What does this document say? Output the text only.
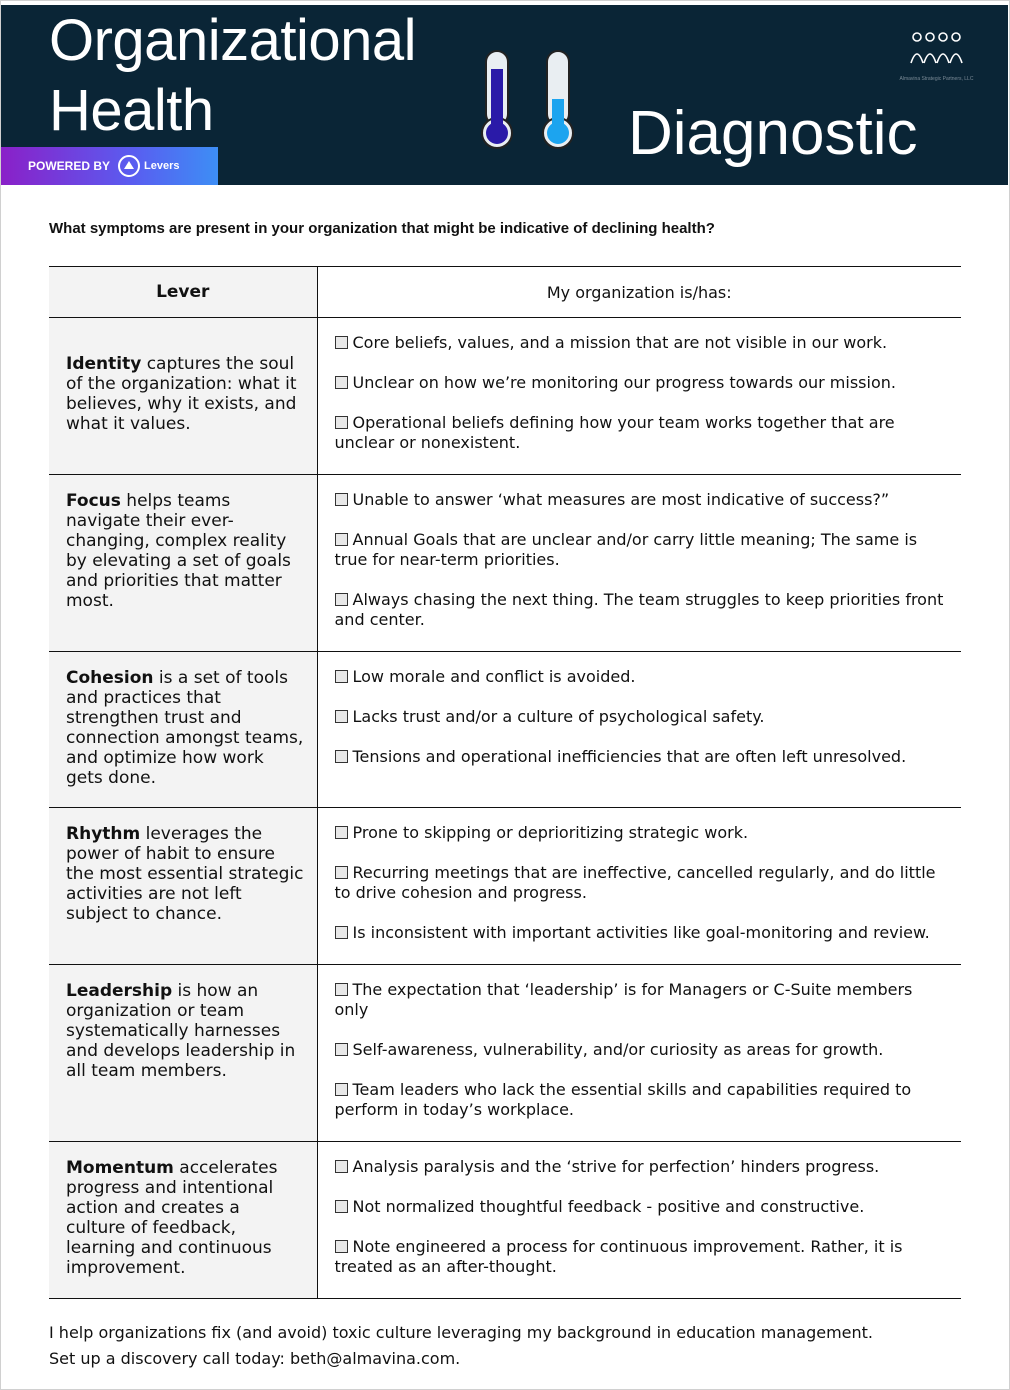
Organizational
Health	Diagnostic
Almavina Strategic Partners, LLC
POWERED BY	Levers
What symptoms are present in your organization that might be indicative of declining health?
Lever	My organization is/has:

Identity captures the soul of the organization: what it believes, why it exists, and what it values.	Core beliefs, values, and a mission that are not visible in our work.
Unclear on how we’re monitoring our progress towards our mission.
Operational beliefs defining how your team works together that are unclear or nonexistent.

Focus helps teams navigate their ever-changing, complex reality by elevating a set of goals and priorities that matter most.	Unable to answer ‘what measures are most indicative of success?”
Annual Goals that are unclear and/or carry little meaning; The same is true for near-term priorities.
Always chasing the next thing. The team struggles to keep priorities front and center.

Cohesion is a set of tools and practices that strengthen trust and connection amongst teams, and optimize how work gets done.	Low morale and conflict is avoided.
Lacks trust and/or a culture of psychological safety.
Tensions and operational inefficiencies that are often left unresolved.

Rhythm leverages the power of habit to ensure the most essential strategic activities are not left subject to chance.	Prone to skipping or deprioritizing strategic work.
Recurring meetings that are ineffective, cancelled regularly, and do little to drive cohesion and progress.
Is inconsistent with important activities like goal-monitoring and review.

Leadership is how an organization or team systematically harnesses and develops leadership in all team members.	The expectation that ‘leadership’ is for Managers or C-Suite members only
Self-awareness, vulnerability, and/or curiosity as areas for growth.
Team leaders who lack the essential skills and capabilities required to perform in today’s workplace.

Momentum accelerates progress and intentional action and creates a culture of feedback, learning and continuous improvement.	Analysis paralysis and the ‘strive for perfection’ hinders progress.
Not normalized thoughtful feedback - positive and constructive.
Note engineered a process for continuous improvement. Rather, it is treated as an after-thought.
I help organizations fix (and avoid) toxic culture leveraging my background in education management.
Set up a discovery call today: beth@almavina.com.
